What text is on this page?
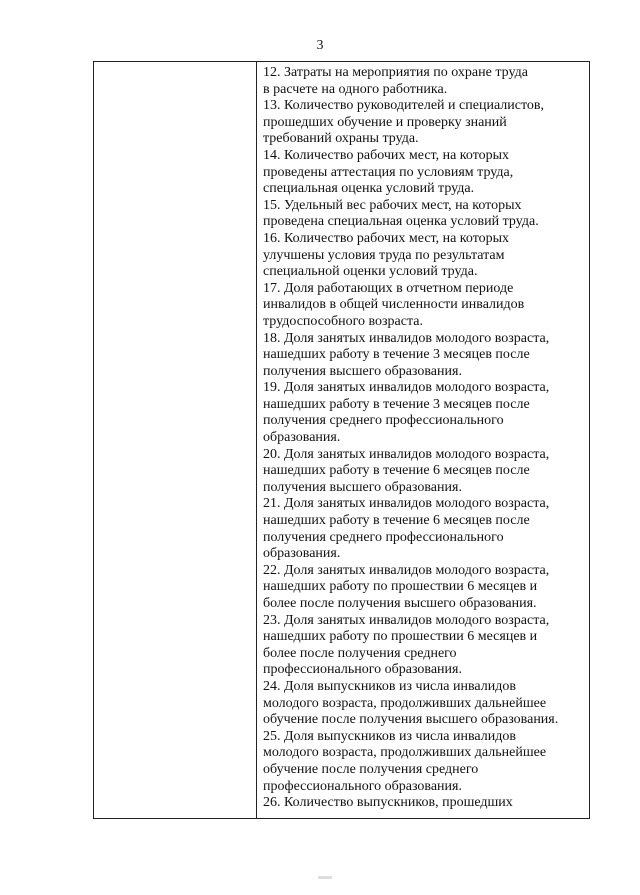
3
12. Затраты на мероприятия по охране труда
в расчете на одного работника.
13. Количество руководителей и специалистов,
прошедших обучение и проверку знаний
требований охраны труда.
14. Количество рабочих мест, на которых
проведены аттестация по условиям труда,
специальная оценка условий труда.
15. Удельный вес рабочих мест, на которых
проведена специальная оценка условий труда.
16. Количество рабочих мест, на которых
улучшены условия труда по результатам
специальной оценки условий труда.
17. Доля работающих в отчетном периоде
инвалидов в общей численности инвалидов
трудоспособного возраста.
18. Доля занятых инвалидов молодого возраста,
нашедших работу в течение 3 месяцев после
получения высшего образования.
19. Доля занятых инвалидов молодого возраста,
нашедших работу в течение 3 месяцев после
получения среднего профессионального
образования.
20. Доля занятых инвалидов молодого возраста,
нашедших работу в течение 6 месяцев после
получения высшего образования.
21. Доля занятых инвалидов молодого возраста,
нашедших работу в течение 6 месяцев после
получения среднего профессионального
образования.
22. Доля занятых инвалидов молодого возраста,
нашедших работу по прошествии 6 месяцев и
более после получения высшего образования.
23. Доля занятых инвалидов молодого возраста,
нашедших работу по прошествии 6 месяцев и
более после получения среднего
профессионального образования.
24. Доля выпускников из числа инвалидов
молодого возраста, продолживших дальнейшее
обучение после получения высшего образования.
25. Доля выпускников из числа инвалидов
молодого возраста, продолживших дальнейшее
обучение после получения среднего
профессионального образования.
26. Количество выпускников, прошедших
